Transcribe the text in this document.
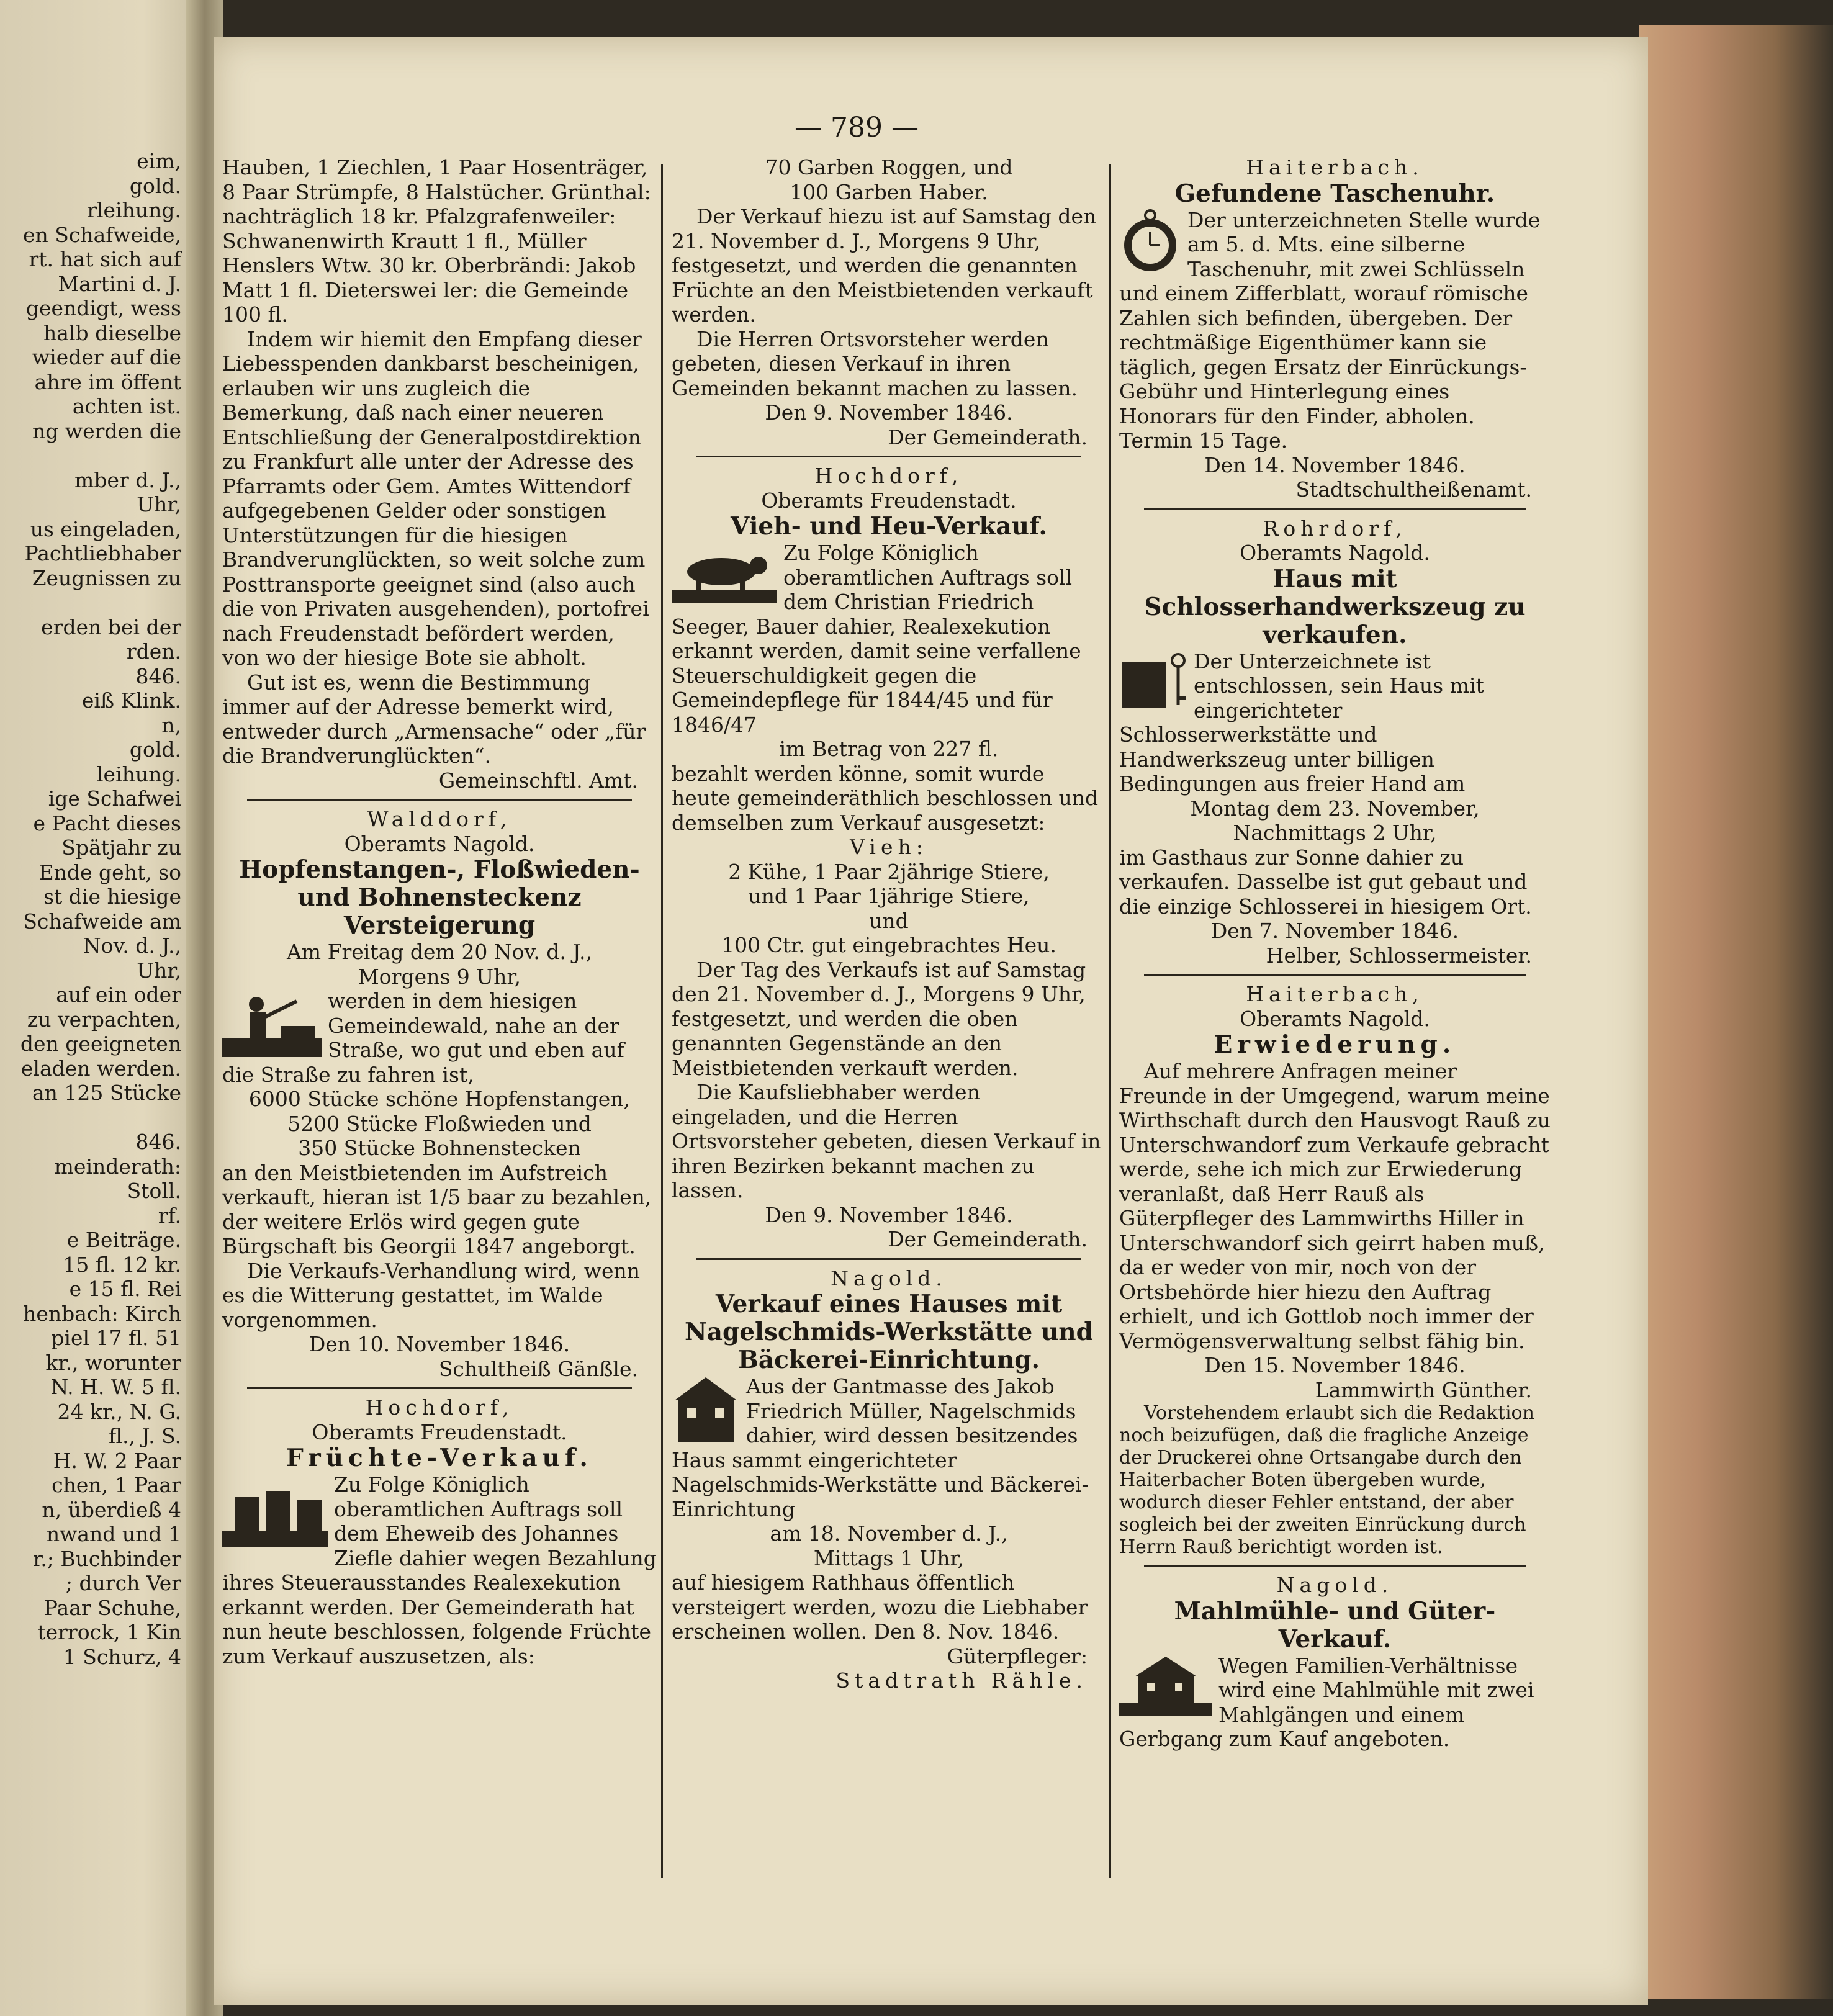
eim,
gold.
rleihung.
en Schafweide,
rt. hat sich auf
Martini d. J.
geendigt, wess
halb dieselbe
wieder auf die
ahre im öffent
achten ist.
ng werden die

mber d. J.,
Uhr,
us eingeladen,
Pachtliebhaber
Zeugnissen zu

erden bei der
rden.
846.
eiß Klink.
n,
gold.
leihung.
ige Schafwei
e Pacht dieses
Spätjahr zu
Ende geht, so
st die hiesige
Schafweide am
Nov. d. J.,
Uhr,
auf ein oder
zu verpachten,
den geeigneten
eladen werden.
an 125 Stücke

846.
meinderath:
Stoll.
rf.
e Beiträge.
15 fl. 12 kr.
e 15 fl. Rei
henbach: Kirch
piel 17 fl. 51
kr., worunter
N. H. W. 5 fl.
24 kr., N. G.
fl., J. S.
H. W. 2 Paar
chen, 1 Paar
n, überdieß 4
nwand und 1
r.; Buchbinder
; durch Ver
Paar Schuhe,
terrock, 1 Kin
1 Schurz, 4
— 789 —

Hauben, 1 Ziechlen, 1 Paar Hosenträger, 8 Paar Strümpfe, 8 Halstücher. Grünthal: nachträglich 18 kr. Pfalzgrafenweiler: Schwanenwirth Krautt 1 fl., Müller Henslers Wtw. 30 kr. Oberbrändi: Jakob Matt 1 fl. Dieterswei ler: die Gemeinde 100 fl.

Indem wir hiemit den Empfang dieser Liebesspenden dankbarst bescheinigen, erlauben wir uns zugleich die Bemerkung, daß nach einer neueren Entschließung der Generalpostdirektion zu Frankfurt alle unter der Adresse des Pfarramts oder Gem. Amtes Wittendorf aufgegebenen Gelder oder sonstigen Unterstützungen für die hiesigen Brandverunglückten, so weit solche zum Posttransporte geeignet sind (also auch die von Privaten ausgehenden), portofrei nach Freudenstadt befördert werden, von wo der hiesige Bote sie abholt.

Gut ist es, wenn die Bestimmung immer auf der Adresse bemerkt wird, entweder durch „Armensache“ oder „für die Brandverunglückten“.

Gemeinschftl. Amt.

Walddorf,

Oberamts Nagold.

Hopfenstangen-, Floßwieden- und Bohnensteckenz Versteigerung

Am Freitag dem 20 Nov. d. J.,

Morgens 9 Uhr,

werden in dem hiesigen Gemeindewald, nahe an der Straße, wo gut und eben auf die Straße zu fahren ist,

6000 Stücke schöne Hopfenstangen,

5200 Stücke Floßwieden und

350 Stücke Bohnenstecken

an den Meistbietenden im Aufstreich verkauft, hieran ist 1/5 baar zu bezahlen, der weitere Erlös wird gegen gute Bürgschaft bis Georgii 1847 angeborgt.

Die Verkaufs-Verhandlung wird, wenn es die Witterung gestattet, im Walde vorgenommen.

Den 10. November 1846.

Schultheiß Gänßle.

Hochdorf,

Oberamts Freudenstadt.

Früchte-Verkauf.

Zu Folge Königlich oberamtlichen Auftrags soll dem Eheweib des Johannes Ziefle dahier wegen Bezahlung ihres Steuerausstandes Realexekution erkannt werden. Der Gemeinderath hat nun heute beschlossen, folgende Früchte zum Verkauf auszusetzen, als:

70 Garben Roggen, und

100 Garben Haber.

Der Verkauf hiezu ist auf Samstag den 21. November d. J., Morgens 9 Uhr, festgesetzt, und werden die genannten Früchte an den Meistbietenden verkauft werden.

Die Herren Ortsvorsteher werden gebeten, diesen Verkauf in ihren Gemeinden bekannt machen zu lassen.

Den 9. November 1846.

Der Gemeinderath.

Hochdorf,

Oberamts Freudenstadt.

Vieh- und Heu-Verkauf.

Zu Folge Königlich oberamtlichen Auftrags soll dem Christian Friedrich Seeger, Bauer dahier, Realexekution erkannt werden, damit seine verfallene Steuerschuldigkeit gegen die Gemeindepflege für 1844/45 und für 1846/47

im Betrag von 227 fl.

bezahlt werden könne, somit wurde heute gemeinderäthlich beschlossen und demselben zum Verkauf ausgesetzt:

Vieh:

2 Kühe, 1 Paar 2jährige Stiere,

und 1 Paar 1jährige Stiere,

und

100 Ctr. gut eingebrachtes Heu.

Der Tag des Verkaufs ist auf Samstag den 21. November d. J., Morgens 9 Uhr, festgesetzt, und werden die oben genannten Gegenstände an den Meistbietenden verkauft werden.

Die Kaufsliebhaber werden eingeladen, und die Herren Ortsvorsteher gebeten, diesen Verkauf in ihren Bezirken bekannt machen zu lassen.

Den 9. November 1846.

Der Gemeinderath.

Nagold.

Verkauf eines Hauses mit Nagelschmids-Werkstätte und Bäckerei-Einrichtung.

Aus der Gantmasse des Jakob Friedrich Müller, Nagelschmids dahier, wird dessen besitzendes Haus sammt eingerichteter Nagelschmids-Werkstätte und Bäckerei-Einrichtung

am 18. November d. J.,

Mittags 1 Uhr,

auf hiesigem Rathhaus öffentlich versteigert werden, wozu die Liebhaber erscheinen wollen. Den 8. Nov. 1846.

Güterpfleger:

Stadtrath Rähle.

Haiterbach.

Gefundene Taschenuhr.

Der unterzeichneten Stelle wurde am 5. d. Mts. eine silberne Taschenuhr, mit zwei Schlüsseln und einem Zifferblatt, worauf römische Zahlen sich befinden, übergeben. Der rechtmäßige Eigenthümer kann sie täglich, gegen Ersatz der Einrückungs-Gebühr und Hinterlegung eines Honorars für den Finder, abholen. Termin 15 Tage.

Den 14. November 1846.

Stadtschultheißenamt.

Rohrdorf,

Oberamts Nagold.

Haus mit Schlosserhandwerkszeug zu verkaufen.

Der Unterzeichnete ist entschlossen, sein Haus mit eingerichteter Schlosserwerkstätte und Handwerkszeug unter billigen Bedingungen aus freier Hand am

Montag dem 23. November,

Nachmittags 2 Uhr,

im Gasthaus zur Sonne dahier zu verkaufen. Dasselbe ist gut gebaut und die einzige Schlosserei in hiesigem Ort.

Den 7. November 1846.

Helber, Schlossermeister.

Haiterbach,

Oberamts Nagold.

Erwiederung.

Auf mehrere Anfragen meiner Freunde in der Umgegend, warum meine Wirthschaft durch den Hausvogt Rauß zu Unterschwandorf zum Verkaufe gebracht werde, sehe ich mich zur Erwiederung veranlaßt, daß Herr Rauß als Güterpfleger des Lammwirths Hiller in Unterschwandorf sich geirrt haben muß, da er weder von mir, noch von der Ortsbehörde hier hiezu den Auftrag erhielt, und ich Gottlob noch immer der Vermögensverwaltung selbst fähig bin.

Den 15. November 1846.

Lammwirth Günther.

Vorstehendem erlaubt sich die Redaktion noch beizufügen, daß die fragliche Anzeige der Druckerei ohne Ortsangabe durch den Haiterbacher Boten übergeben wurde, wodurch dieser Fehler entstand, der aber sogleich bei der zweiten Einrückung durch Herrn Rauß berichtigt worden ist.

Nagold.

Mahlmühle- und Güter-Verkauf.

Wegen Familien-Verhältnisse wird eine Mahlmühle mit zwei Mahlgängen und einem Gerbgang zum Kauf angeboten.
